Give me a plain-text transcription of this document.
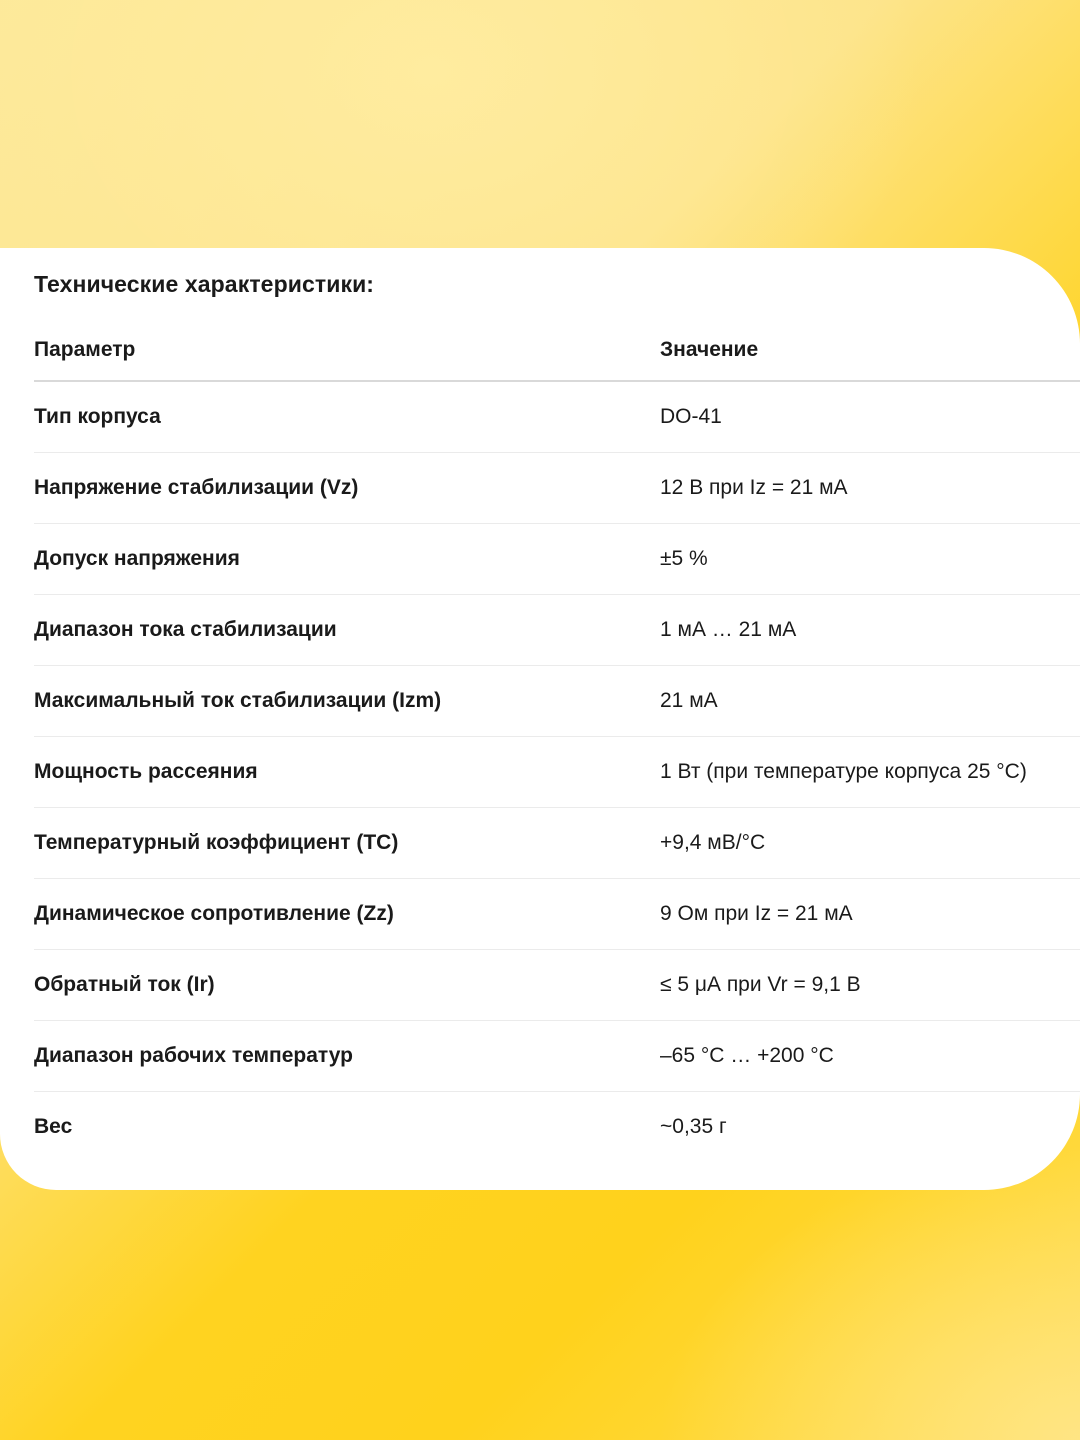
Технические характеристики:
Параметр	Значение
Тип корпуса	DO-41
Напряжение стабилизации (Vz)	12 В при Iz = 21 мА
Допуск напряжения	±5 %
Диапазон тока стабилизации	1 мА … 21 мА
Максимальный ток стабилизации (Izm)	21 мА
Мощность рассеяния	1 Вт (при температуре корпуса 25 °C)
Температурный коэффициент (TC)	+9,4 мВ/°C
Динамическое сопротивление (Zz)	9 Ом при Iz = 21 мА
Обратный ток (Ir)	≤ 5 μА при Vr = 9,1 В
Диапазон рабочих температур	–65 °C … +200 °C
Вес	~0,35 г
